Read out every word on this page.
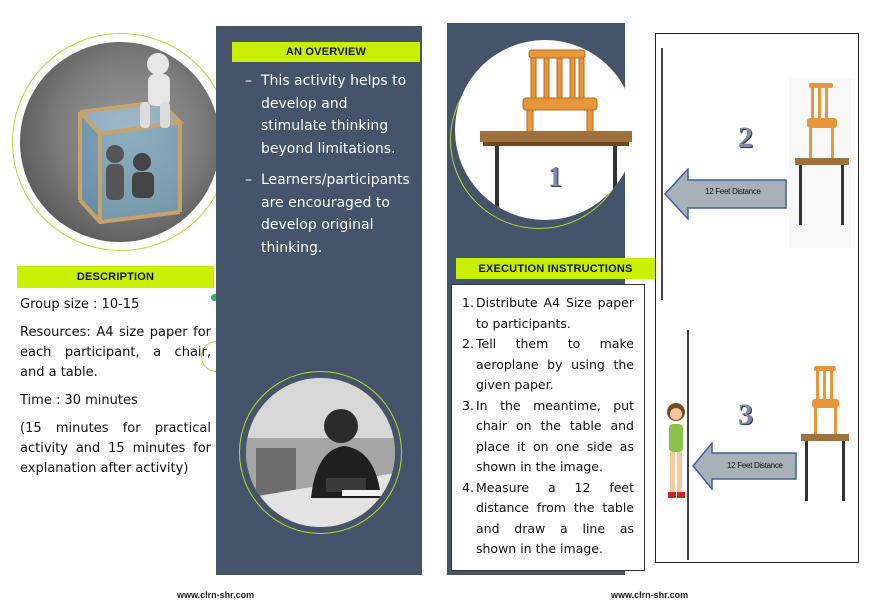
DESCRIPTION

Group size : 10-15

Resources: A4 size paper for each participant, a chair, and a table.

Time : 30 minutes

(15 minutes for practical activity and 15 minutes for explanation after activity)

www.clrn-shr.com
AN OVERVIEW
– This activity helps to develop and stimulate thinking beyond limitations.
– Learners/participants are encouraged to develop original thinking.
1
EXECUTION INSTRUCTIONS
1. Distribute A4 Size paper to participants.
2. Tell them to make aeroplane by using the given paper.
3. In the meantime, put chair on the table and place it on one side as shown in the image.
4. Measure a 12 feet distance from the table and draw a line as shown in the image.
www.clrn-shr.com
2
12 Feet Distance
3
12 Feet Distance
